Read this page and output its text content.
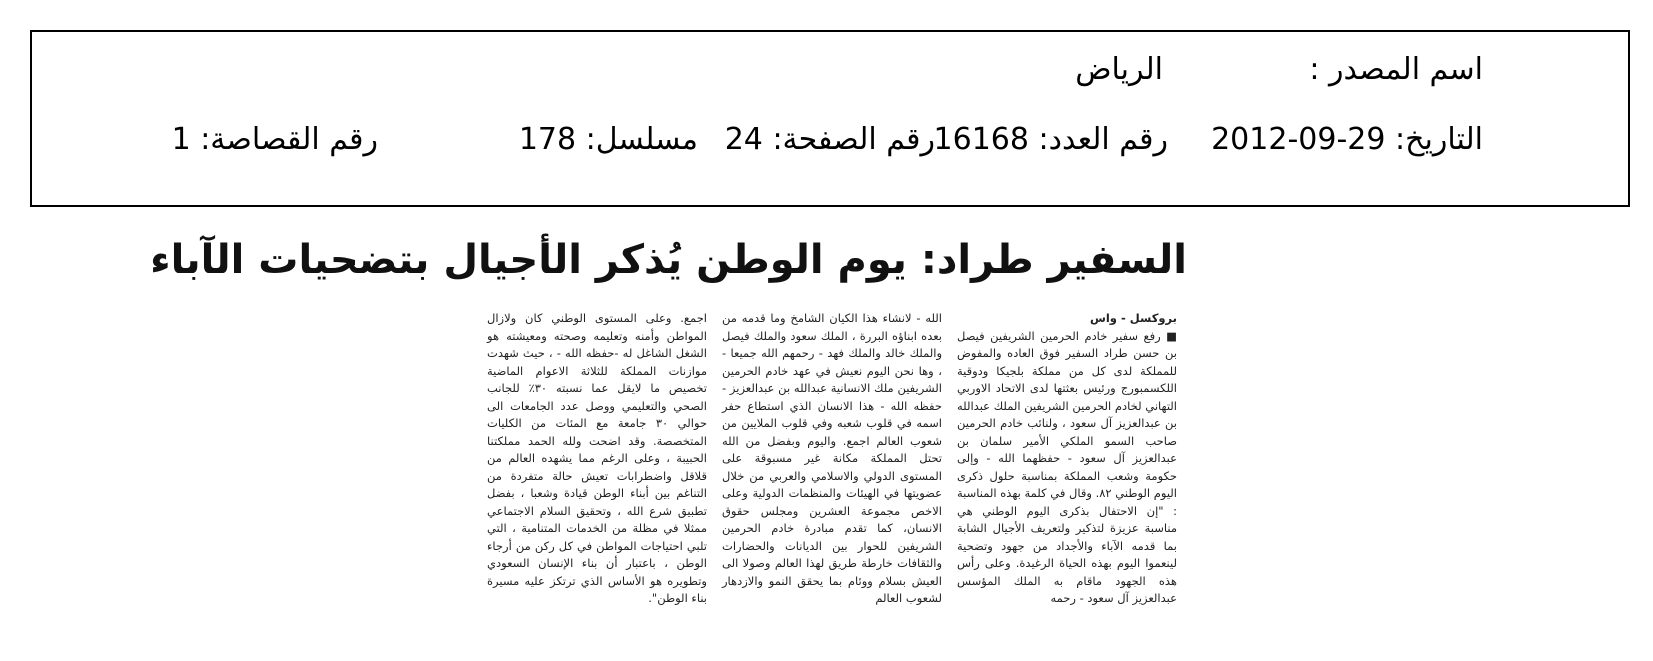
اسم المصدر :
الرياض
التاريخ: 29-09-2012
رقم العدد: 16168
رقم الصفحة: 24
مسلسل: 178
رقم القصاصة: 1
السفير طراد: يوم الوطن يُذكر الأجيال بتضحيات الآباء
بروكسل - واس
■ رفع سفير خادم الحرمين الشريفين فيصل بن حسن طراد السفير فوق العاده والمفوض للمملكة لدى كل من مملكة بلجيكا ودوقية اللكسمبورج ورئيس بعثتها لدى الاتحاد الاوربي التهاني لخادم الحرمين الشريفين الملك عبدالله بن عبدالعزيز آل سعود ، ولنائب خادم الحرمين صاحب السمو الملكي الأمير سلمان بن عبدالعزيز آل سعود - حفظهما الله - وإلى حكومة وشعب المملكة بمناسبة حلول ذكرى اليوم الوطني ٨٢. وقال في كلمة بهذه المناسبة : "إن الاحتفال بذكرى اليوم الوطني هي مناسبة عزيزة لتذكير ولتعريف الأجيال الشابة بما قدمه الآباء والأجداد من جهود وتضحية لينعموا اليوم بهذه الحياة الرغيدة. وعلى رأس هذه الجهود ماقام به الملك المؤسس عبدالعزيز آل سعود - رحمه
الله - لانشاء هذا الكيان الشامخ وما قدمه من بعده ابناؤه البررة ، الملك سعود والملك فيصل والملك خالد والملك فهد - رحمهم الله جميعا - ، وها نحن اليوم نعيش في عهد خادم الحرمين الشريفين ملك الانسانية عبدالله بن عبدالعزيز - حفظه الله - هذا الانسان الذي استطاع حفر اسمه في قلوب شعبه وفي قلوب الملايين من شعوب العالم اجمع. واليوم وبفضل من الله تحتل المملكة مكانة غير مسبوقة على المستوى الدولي والاسلامي والعربي من خلال عضويتها في الهيئات والمنظمات الدولية وعلى الاخص مجموعة العشرين ومجلس حقوق الانسان، كما تقدم مبادرة خادم الحرمين الشريفين للحوار بين الديانات والحضارات والثقافات خارطة طريق لهذا العالم وصولا الى العيش بسلام ووئام بما يحقق النمو والازدهار لشعوب العالم
اجمع. وعلى المستوى الوطني كان ولازال المواطن وأمنه وتعليمه وصحته ومعيشته هو الشغل الشاغل له -حفظه الله - ، حيث شهدت موازنات المملكة للثلاثة الاعوام الماضية تخصيص ما لايقل عما نسبته ٣٠٪ للجانب الصحي والتعليمي ووصل عدد الجامعات الى حوالي ٣٠ جامعة مع المئات من الكليات المتخصصة. وقد اضحت ولله الحمد مملكتنا الحبيبة ، وعلى الرغم مما يشهده العالم من قلاقل واضطرابات تعيش حالة متفردة من التناغم بين أبناء الوطن قيادة وشعبا ، بفضل تطبيق شرع الله ، وتحقيق السلام الاجتماعي ممثلا في مظلة من الخدمات المتنامية ، التي تلبي احتياجات المواطن في كل ركن من أرجاء الوطن ، باعتبار أن بناء الإنسان السعودي وتطويره هو الأساس الذي ترتكز عليه مسيرة بناء الوطن".
